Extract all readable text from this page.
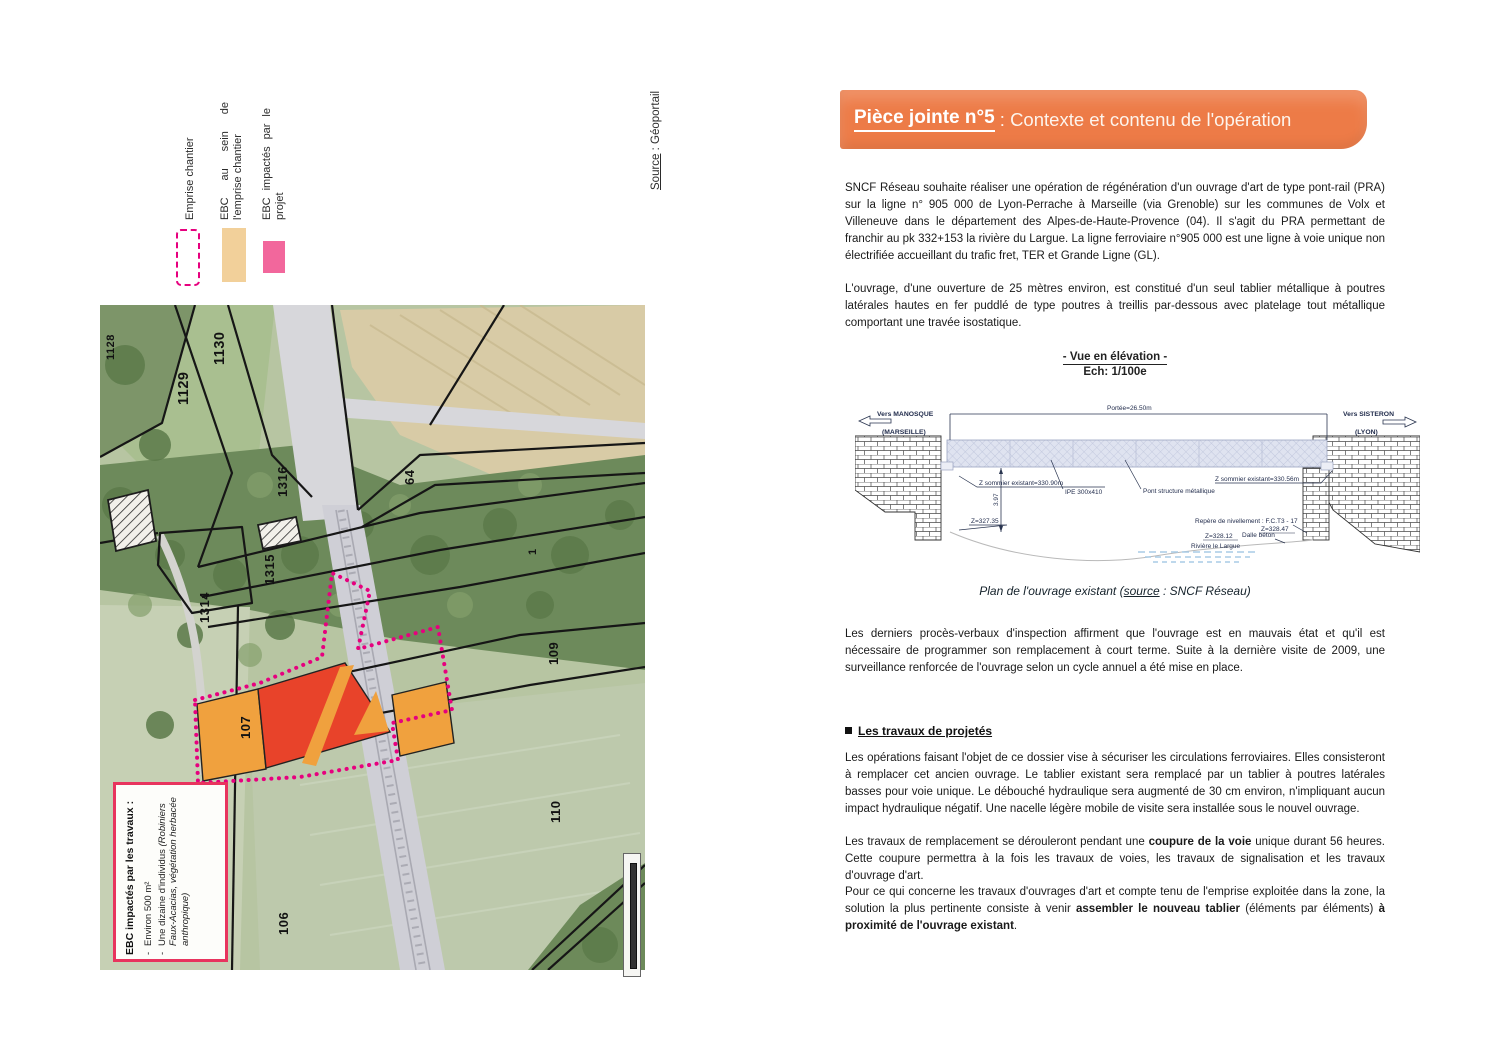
Emprise chantier EBC au sein de l'emprise chantier EBC impactés par le projet
Source : Géoportail
1128
1129
1130
1316
1315
1314
64
1
109
107
110
106
EBC impactés par les travaux : -
Environ 500 m²
-
Une dizaine d'individus (Robiniers Faux-Acacias, végétation herbacée anthropique)
Pièce jointe n°5 : Contexte et contenu de l'opération
SNCF Réseau souhaite réaliser une opération de régénération d'un ouvrage d'art de type pont-rail (PRA) sur la ligne n° 905 000 de Lyon-Perrache à Marseille (via Grenoble) sur les communes de Volx et Villeneuve dans le département des Alpes-de-Haute-Provence (04). Il s'agit du PRA permettant de franchir au pk 332+153 la rivière du Largue. La ligne ferroviaire n°905 000 est une ligne à voie unique non électrifiée accueillant du trafic fret, TER et Grande Ligne (GL).
L'ouvrage, d'une ouverture de 25 mètres environ, est constitué d'un seul tablier métallique à poutres latérales hautes en fer puddlé de type poutres à treillis par-dessous avec platelage tout métallique comportant une travée isostatique.
- Vue en élévation -
Ech: 1/100e
Portée=26.50m
Vers MANOSQUE
(MARSEILLE)
Vers SISTERON
(LYON)
Z sommier existant=330.90m
IPE 300x410	Pont structure métallique
Z sommier existant=330.56m
3.97
Z=327.35	Repère de nivellement : F.C.T3 - 17
Z=328.47
Dalle béton
Z=328.12
Rivière le Largue
Plan de l'ouvrage existant (source : SNCF Réseau)
Les derniers procès-verbaux d'inspection affirment que l'ouvrage est en mauvais état et qu'il est nécessaire de programmer son remplacement à court terme. Suite à la dernière visite de 2009, une surveillance renforcée de l'ouvrage selon un cycle annuel a été mise en place.
Les travaux de projetés
Les opérations faisant l'objet de ce dossier vise à sécuriser les circulations ferroviaires. Elles consisteront à remplacer cet ancien ouvrage. Le tablier existant sera remplacé par un tablier à poutres latérales basses pour voie unique. Le débouché hydraulique sera augmenté de 30 cm environ, n'impliquant aucun impact hydraulique négatif. Une nacelle légère mobile de visite sera installée sous le nouvel ouvrage.
Les travaux de remplacement se dérouleront pendant une coupure de la voie unique durant 56 heures. Cette coupure permettra à la fois les travaux de voies, les travaux de signalisation et les travaux d'ouvrage d'art.
Pour ce qui concerne les travaux d'ouvrages d'art et compte tenu de l'emprise exploitée dans la zone, la solution la plus pertinente consiste à venir assembler le nouveau tablier (éléments par éléments) à proximité de l'ouvrage existant.
